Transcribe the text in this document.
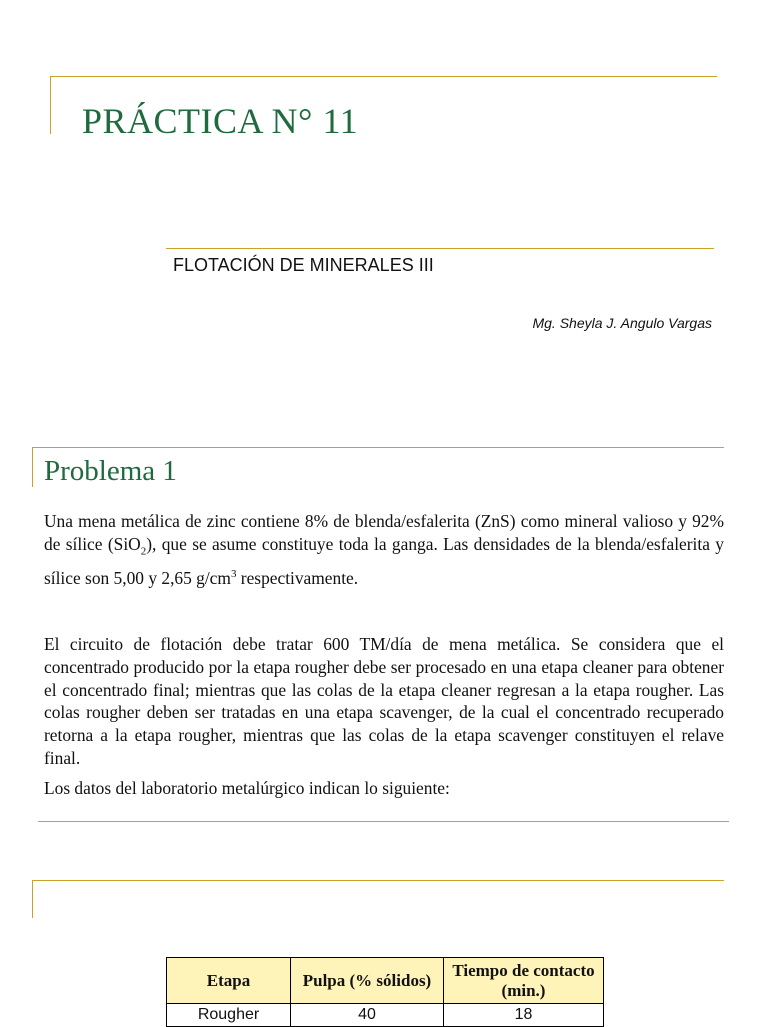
PRÁCTICA N° 11
FLOTACIÓN DE MINERALES III
Mg. Sheyla J. Angulo Vargas
Problema 1
Una mena metálica de zinc contiene 8% de blenda/esfalerita (ZnS) como mineral valioso y 92% de sílice (SiO$_2$), que se asume constituye toda la ganga. Las densidades de la blenda/esfalerita y sílice son 5,00 y 2,65 $g/cm^3$ respectivamente.
El circuito de flotación debe tratar 600 TM/día de mena metálica. Se considera que el concentrado producido por la etapa rougher debe ser procesado en una etapa cleaner para obtener el concentrado final; mientras que las colas de la etapa cleaner regresan a la etapa rougher. Las colas rougher deben ser tratadas en una etapa scavenger, de la cual el concentrado recuperado retorna a la etapa rougher, mientras que las colas de la etapa scavenger constituyen el relave final.
Los datos del laboratorio metalúrgico indican lo siguiente:
Etapa	Pulpa (% sólidos)	Tiempo de contacto (min.)
Rougher	40	18
